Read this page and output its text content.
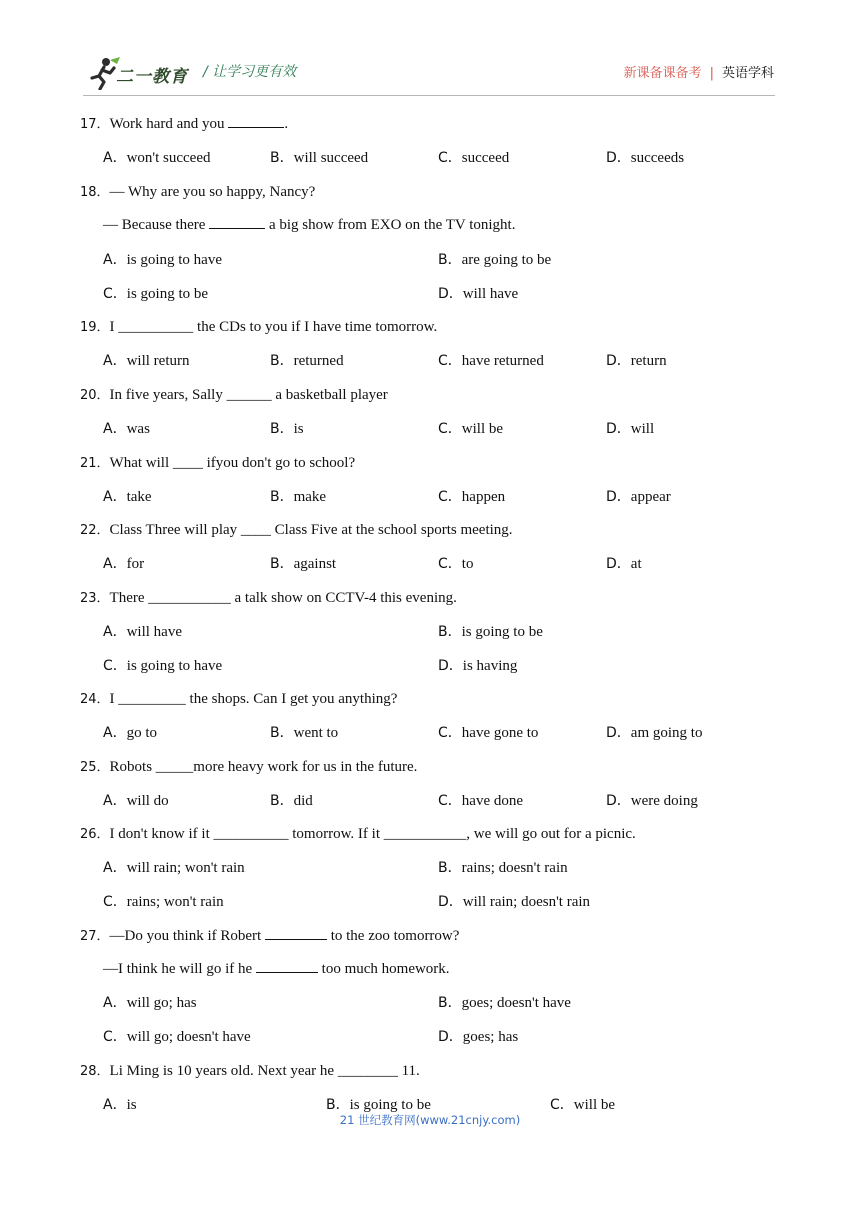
二一教育 / 让学习更有效	新课备课备考 | 英语学科
17．Work hard and you	.
A．won't succeed	B．will succeed	C．succeed	D．succeeds
18．— Why are you so happy, Nancy?
— Because there	a big show from EXO on the TV tonight.
A．is going to have	B．are going to be
C．is going to be	D．will have
19．I __________ the CDs to you if I have time tomorrow.
A．will return	B．returned	C．have returned	D．return
20．In five years, Sally ______ a basketball player
A．was	B．is	C．will be	D．will
21．What will ____ ifyou don't go to school?
A．take	B．make	C．happen	D．appear
22．Class Three will play ____ Class Five at the school sports meeting.
A．for	B．against	C．to	D．at
23．There ___________ a talk show on CCTV-4 this evening.
A．will have	B．is going to be
C．is going to have	D．is having
24．I _________ the shops. Can I get you anything?
A．go to	B．went to	C．have gone to	D．am going to
25．Robots _____more heavy work for us in the future.
A．will do	B．did	C．have done	D．were doing
26．I don't know if it __________ tomorrow. If it ___________, we will go out for a picnic.
A．will rain; won't rain	B．rains; doesn't rain
C．rains; won't rain	D．will rain; doesn't rain
27．—Do you think if Robert	to the zoo tomorrow?
—I think he will go if he	too much homework.
A．will go; has	B．goes; doesn't have
C．will go; doesn't have	D．goes; has
28．Li Ming is 10 years old. Next year he ________ 11.
A．is	B．is going to be	C．will be
21 世纪教育网(www.21cnjy.com)
